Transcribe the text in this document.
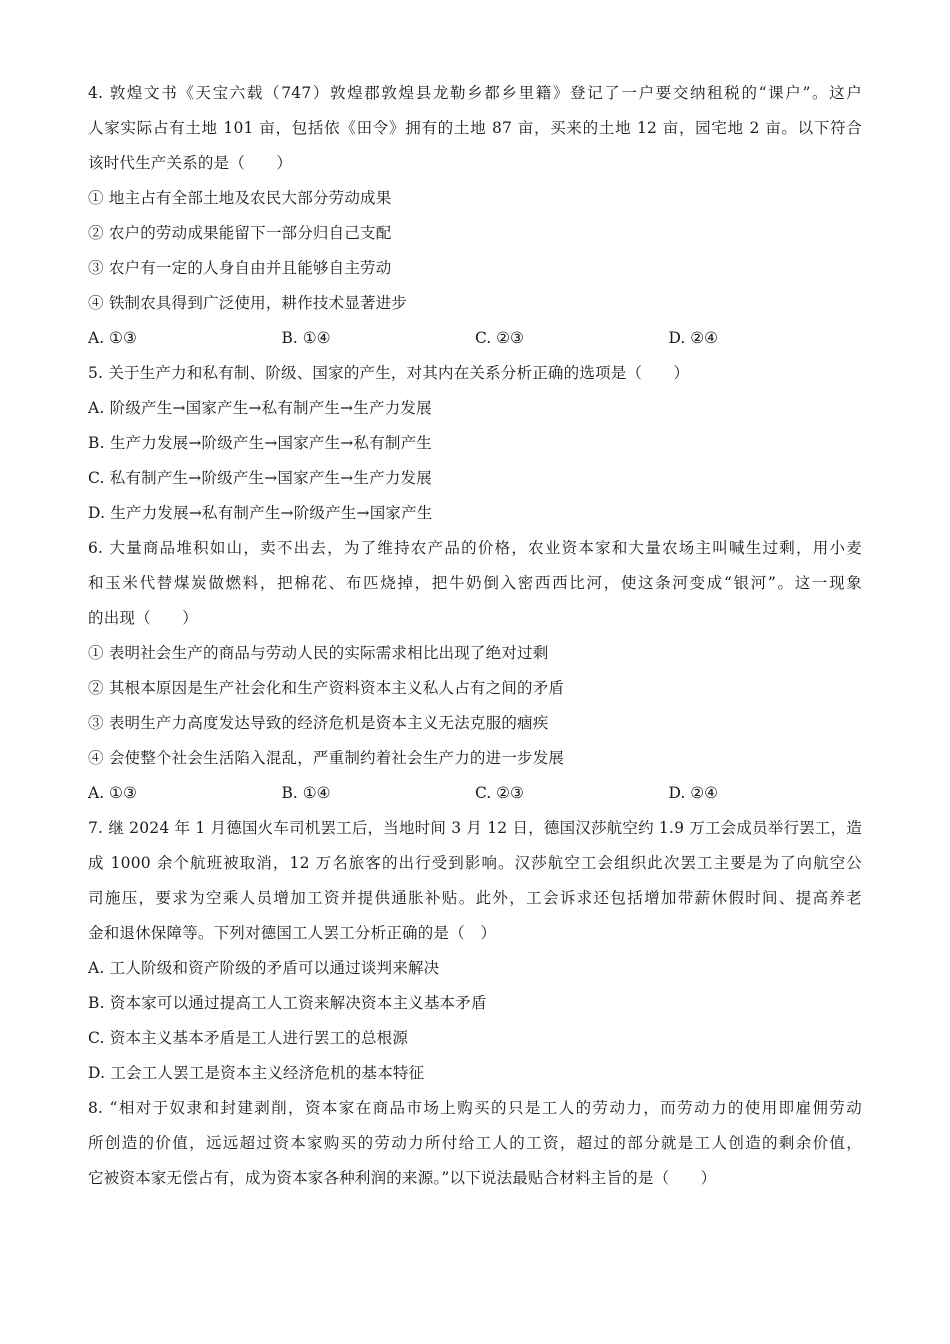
4. 敦煌文书《天宝六载（747）敦煌郡敦煌县龙勒乡都乡里籍》登记了一户要交纳租税的“课户”。这户
人家实际占有土地 101 亩，包括依《田令》拥有的土地 87 亩，买来的土地 12 亩，园宅地 2 亩。以下符合
该时代生产关系的是（　　）
① 地主占有全部土地及农民大部分劳动成果
② 农户的劳动成果能留下一部分归自己支配
③ 农户有一定的人身自由并且能够自主劳动
④ 铁制农具得到广泛使用，耕作技术显著进步
A. ①③	B. ①④	C. ②③	D. ②④
5. 关于生产力和私有制、阶级、国家的产生，对其内在关系分析正确的选项是（　　）
A. 阶级产生→国家产生→私有制产生→生产力发展
B. 生产力发展→阶级产生→国家产生→私有制产生
C. 私有制产生→阶级产生→国家产生→生产力发展
D. 生产力发展→私有制产生→阶级产生→国家产生
6. 大量商品堆积如山，卖不出去，为了维持农产品的价格，农业资本家和大量农场主叫喊生过剩，用小麦
和玉米代替煤炭做燃料，把棉花、布匹烧掉，把牛奶倒入密西西比河，使这条河变成“银河”。这一现象
的出现（　　）
① 表明社会生产的商品与劳动人民的实际需求相比出现了绝对过剩
② 其根本原因是生产社会化和生产资料资本主义私人占有之间的矛盾
③ 表明生产力高度发达导致的经济危机是资本主义无法克服的痼疾
④ 会使整个社会生活陷入混乱，严重制约着社会生产力的进一步发展
A. ①③	B. ①④	C. ②③	D. ②④
7. 继 2024 年 1 月德国火车司机罢工后，当地时间 3 月 12 日，德国汉莎航空约 1.9 万工会成员举行罢工，造
成 1000 余个航班被取消，12 万名旅客的出行受到影响。汉莎航空工会组织此次罢工主要是为了向航空公
司施压，要求为空乘人员增加工资并提供通胀补贴。此外，工会诉求还包括增加带薪休假时间、提高养老
金和退休保障等。下列对德国工人罢工分析正确的是（　）
A. 工人阶级和资产阶级的矛盾可以通过谈判来解决
B. 资本家可以通过提高工人工资来解决资本主义基本矛盾
C. 资本主义基本矛盾是工人进行罢工的总根源
D. 工会工人罢工是资本主义经济危机的基本特征
8. “相对于奴隶和封建剥削，资本家在商品市场上购买的只是工人的劳动力，而劳动力的使用即雇佣劳动
所创造的价值，远远超过资本家购买的劳动力所付给工人的工资，超过的部分就是工人创造的剩余价值，
它被资本家无偿占有，成为资本家各种利润的来源。”以下说法最贴合材料主旨的是（　　）
